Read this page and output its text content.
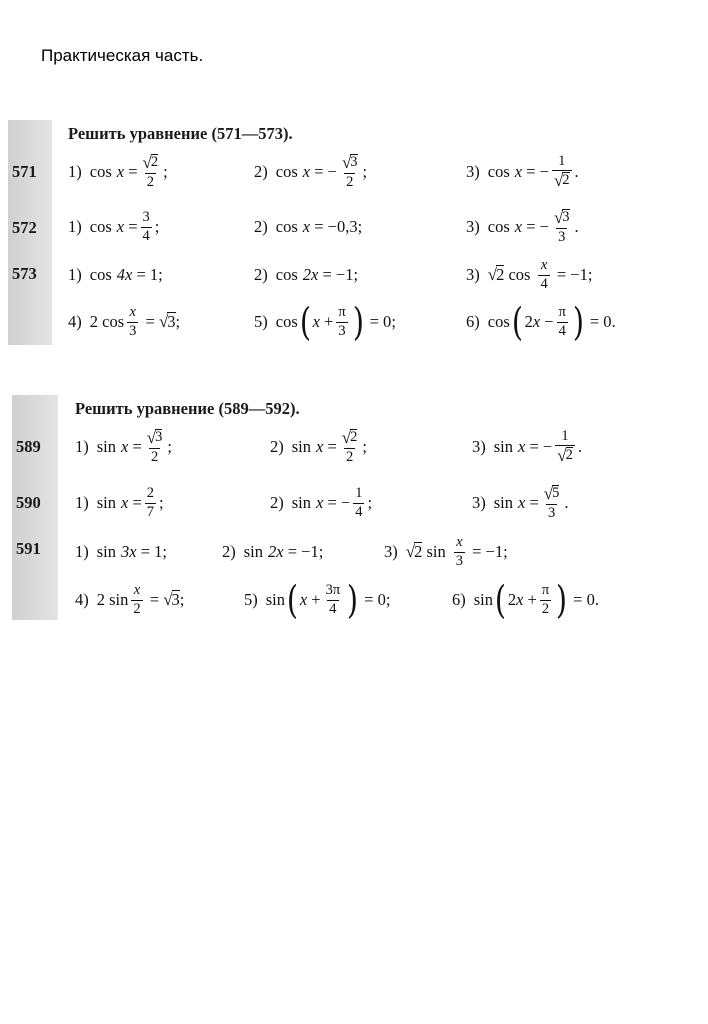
Практическая часть.
Решить уравнение (571—573).
571
572
573
1) cos x
= $\frac{√ 2}{2}$ ;	2) cos x
=
− $\frac{√ 3}{2}$ ;	3) cos x
=
− $\frac{1}{√ 2}$ .
1) cos x
= $\frac{3}{4}$ ;	2) cos x
=
−0,3 ;	3) cos x
=
− $\frac{√ 3}{3}$ .
1) cos 4x
= 1 ;	2) cos 2x
= −1 ;	3) √ 2
$\cos \frac{x}{4}$
= −1 ;
4) 2
$\cos \frac{x}{3}$
=
√ 3 ;	5) cos ( x
+ $\frac{\pi}{3}$ )
= 0 ;	6) cos ( 2 x
− $\frac{\pi}{4}$ )
= 0 .
Решить уравнение (589—592).
589
590
591
1) sin x
= $\frac{√ 3}{2}$ ;	2) sin x
= $\frac{√ 2}{2}$ ;	3) sin x
=
− $\frac{1}{√ 2}$ .
1) sin x
= $\frac{2}{7}$ ;	2) sin x
=
− $\frac{1}{4}$ ;	3) sin x
= $\frac{√ 5}{3}$ .
1) sin 3x
= 1 ;	2) sin 2x
= −1 ;	3) √ 2
$\sin \frac{x}{3}$
= −1 ;
4) 2
$\sin \frac{x}{2}$
=
√ 3 ;	5) sin ( x
+ $\frac{3\pi}{4}$ )
= 0 ;	6) sin ( 2 x
+ $\frac{\pi}{2}$ )
= 0 .
